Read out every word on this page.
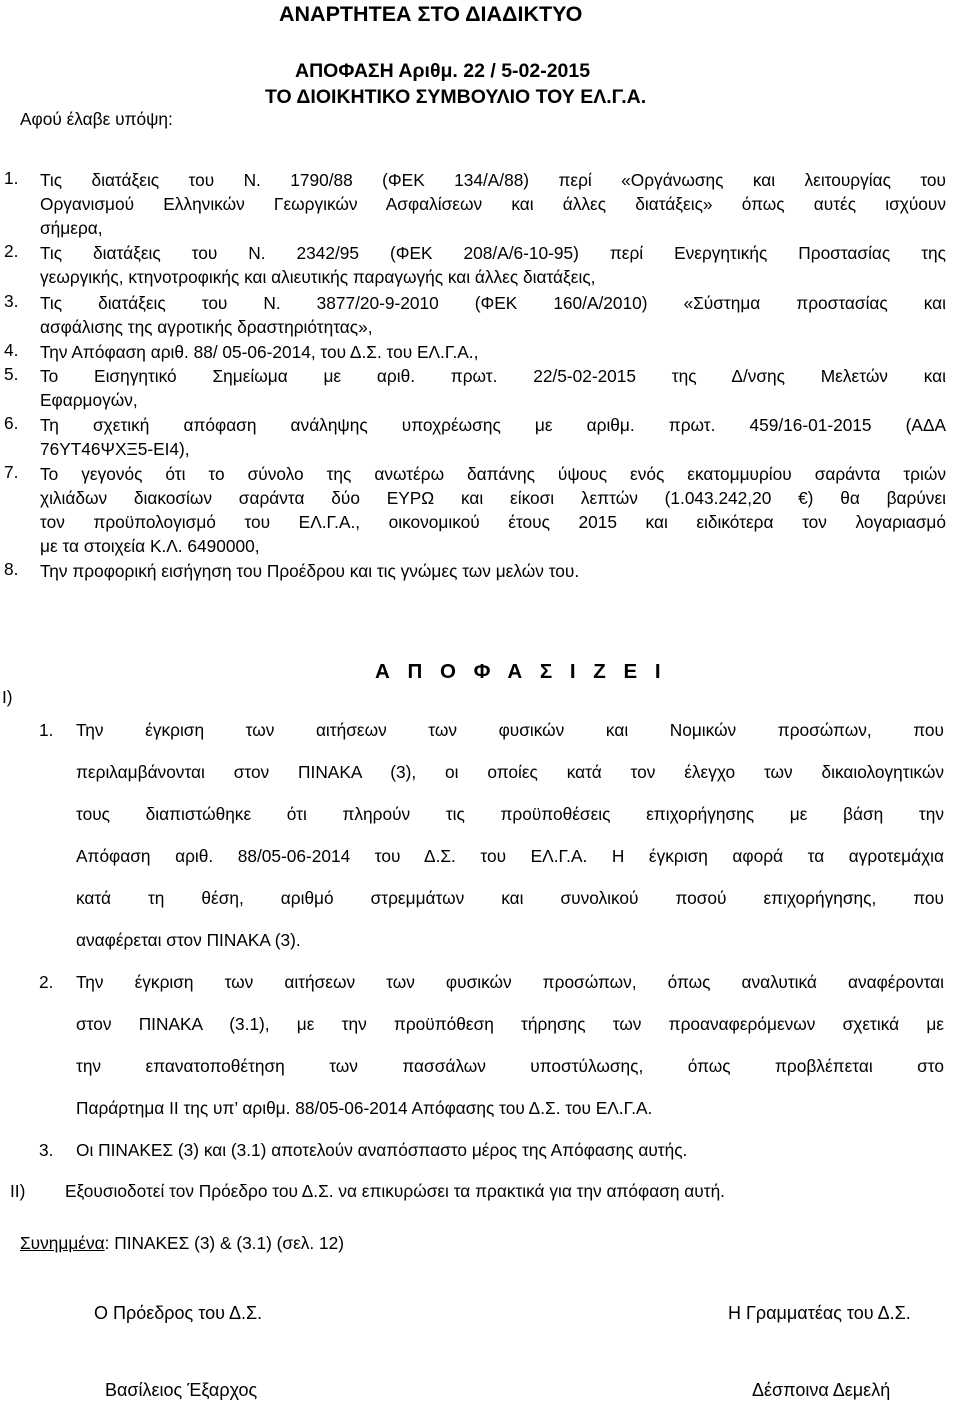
ΑΝΑΡΤΗΤΕΑ ΣΤΟ ΔΙΑΔΙΚΤΥΟ
ΑΠΟΦΑΣΗ Αριθμ. 22 / 5-02-2015
ΤΟ ΔΙΟΙΚΗΤΙΚΟ ΣΥΜΒΟΥΛΙΟ ΤΟΥ ΕΛ.Γ.Α.
Αφού έλαβε υπόψη:
1. Τις διατάξεις του Ν. 1790/88 (ΦΕΚ 134/Α/88) περί «Οργάνωσης και λειτουργίας του
Οργανισμού Ελληνικών Γεωργικών Ασφαλίσεων και άλλες διατάξεις» όπως αυτές ισχύουν
σήμερα,
2. Τις διατάξεις του Ν. 2342/95 (ΦΕΚ 208/Α/6-10-95) περί Ενεργητικής Προστασίας της
γεωργικής, κτηνοτροφικής και αλιευτικής παραγωγής και άλλες διατάξεις,
3. Τις διατάξεις του Ν. 3877/20-9-2010 (ΦΕΚ 160/Α/2010) «Σύστημα προστασίας και
ασφάλισης της αγροτικής δραστηριότητας»,
4. Την Απόφαση αριθ. 88/ 05-06-2014, του Δ.Σ. του ΕΛ.Γ.Α.,
5. Το Εισηγητικό Σημείωμα με αριθ. πρωτ. 22/5-02-2015 της Δ/νσης Μελετών και
Εφαρμογών,
6. Τη σχετική απόφαση ανάληψης υποχρέωσης με αριθμ. πρωτ. 459/16-01-2015 (ΑΔΑ
76ΥΤ46ΨΧΞ5-ΕΙ4),
7. Το γεγονός ότι το σύνολο της ανωτέρω δαπάνης ύψους ενός εκατομμυρίου σαράντα τριών
χιλιάδων διακοσίων σαράντα δύο ΕΥΡΩ και είκοσι λεπτών (1.043.242,20 €) θα βαρύνει
τον προϋπολογισμό του ΕΛ.Γ.Α., οικονομικού έτους 2015 και ειδικότερα τον λογαριασμό
με τα στοιχεία Κ.Λ. 6490000,
8. Την προφορική εισήγηση του Προέδρου και τις γνώμες των μελών του.
Α Π Ο Φ Α Σ Ι Ζ Ε Ι
Ι)
1. Την έγκριση των αιτήσεων των φυσικών και Νομικών προσώπων, που
περιλαμβάνονται στον ΠΙΝΑΚΑ (3), οι οποίες κατά τον έλεγχο των δικαιολογητικών
τους διαπιστώθηκε ότι πληρούν τις προϋποθέσεις επιχορήγησης με βάση την
Απόφαση αριθ. 88/05-06-2014 του Δ.Σ. του ΕΛ.Γ.Α. Η έγκριση αφορά τα αγροτεμάχια
κατά τη θέση, αριθμό στρεμμάτων και συνολικού ποσού επιχορήγησης, που
αναφέρεται στον ΠΙΝΑΚΑ (3).
2. Την έγκριση των αιτήσεων των φυσικών προσώπων, όπως αναλυτικά αναφέρονται
στον ΠΙΝΑΚΑ (3.1), με την προϋπόθεση τήρησης των προαναφερόμενων σχετικά με
την επανατοποθέτηση των πασσάλων υποστύλωσης, όπως προβλέπεται στο
Παράρτημα ΙΙ της υπ’ αριθμ. 88/05-06-2014 Απόφασης του Δ.Σ. του ΕΛ.Γ.Α.
3. Οι ΠΙΝΑΚΕΣ (3) και (3.1) αποτελούν αναπόσπαστο μέρος της Απόφασης αυτής.
ΙΙ) Εξουσιοδοτεί τον Πρόεδρο του Δ.Σ. να επικυρώσει τα πρακτικά για την απόφαση αυτή.
Συνημμένα: ΠΙΝΑΚΕΣ (3) & (3.1) (σελ. 12)
Ο Πρόεδρος του Δ.Σ.	Η Γραμματέας του Δ.Σ.
Βασίλειος Έξαρχος	Δέσποινα Δεμελή
